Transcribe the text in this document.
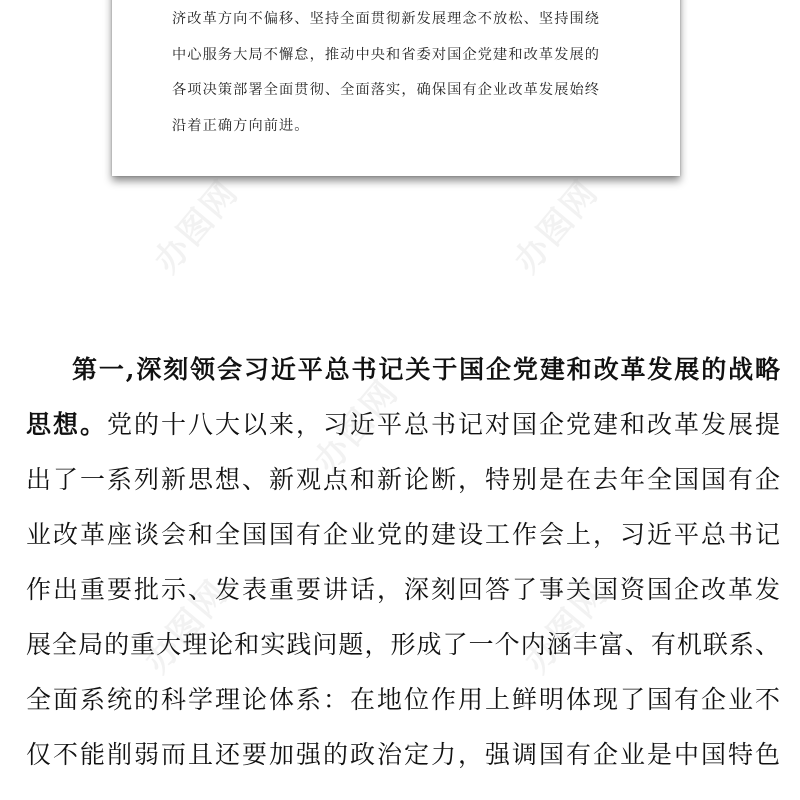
济改革方向不偏移、坚持全面贯彻新发展理念不放松、坚持围绕
中心服务大局不懈怠，推动中央和省委对国企党建和改革发展的
各项决策部署全面贯彻、全面落实，确保国有企业改革发展始终
沿着正确方向前进。

第一,深刻领会习近平总书记关于国企党建和改革发展的战略
思想。党的十八大以来，习近平总书记对国企党建和改革发展提
出了一系列新思想、新观点和新论断，特别是在去年全国国有企
业改革座谈会和全国国有企业党的建设工作会上，习近平总书记
作出重要批示、发表重要讲话，深刻回答了事关国资国企改革发
展全局的重大理论和实践问题，形成了一个内涵丰富、有机联系、
全面系统的科学理论体系：在地位作用上鲜明体现了国有企业不
仅不能削弱而且还要加强的政治定力，强调国有企业是中国特色
办图网	办图网
办图网
办图网	办图网
